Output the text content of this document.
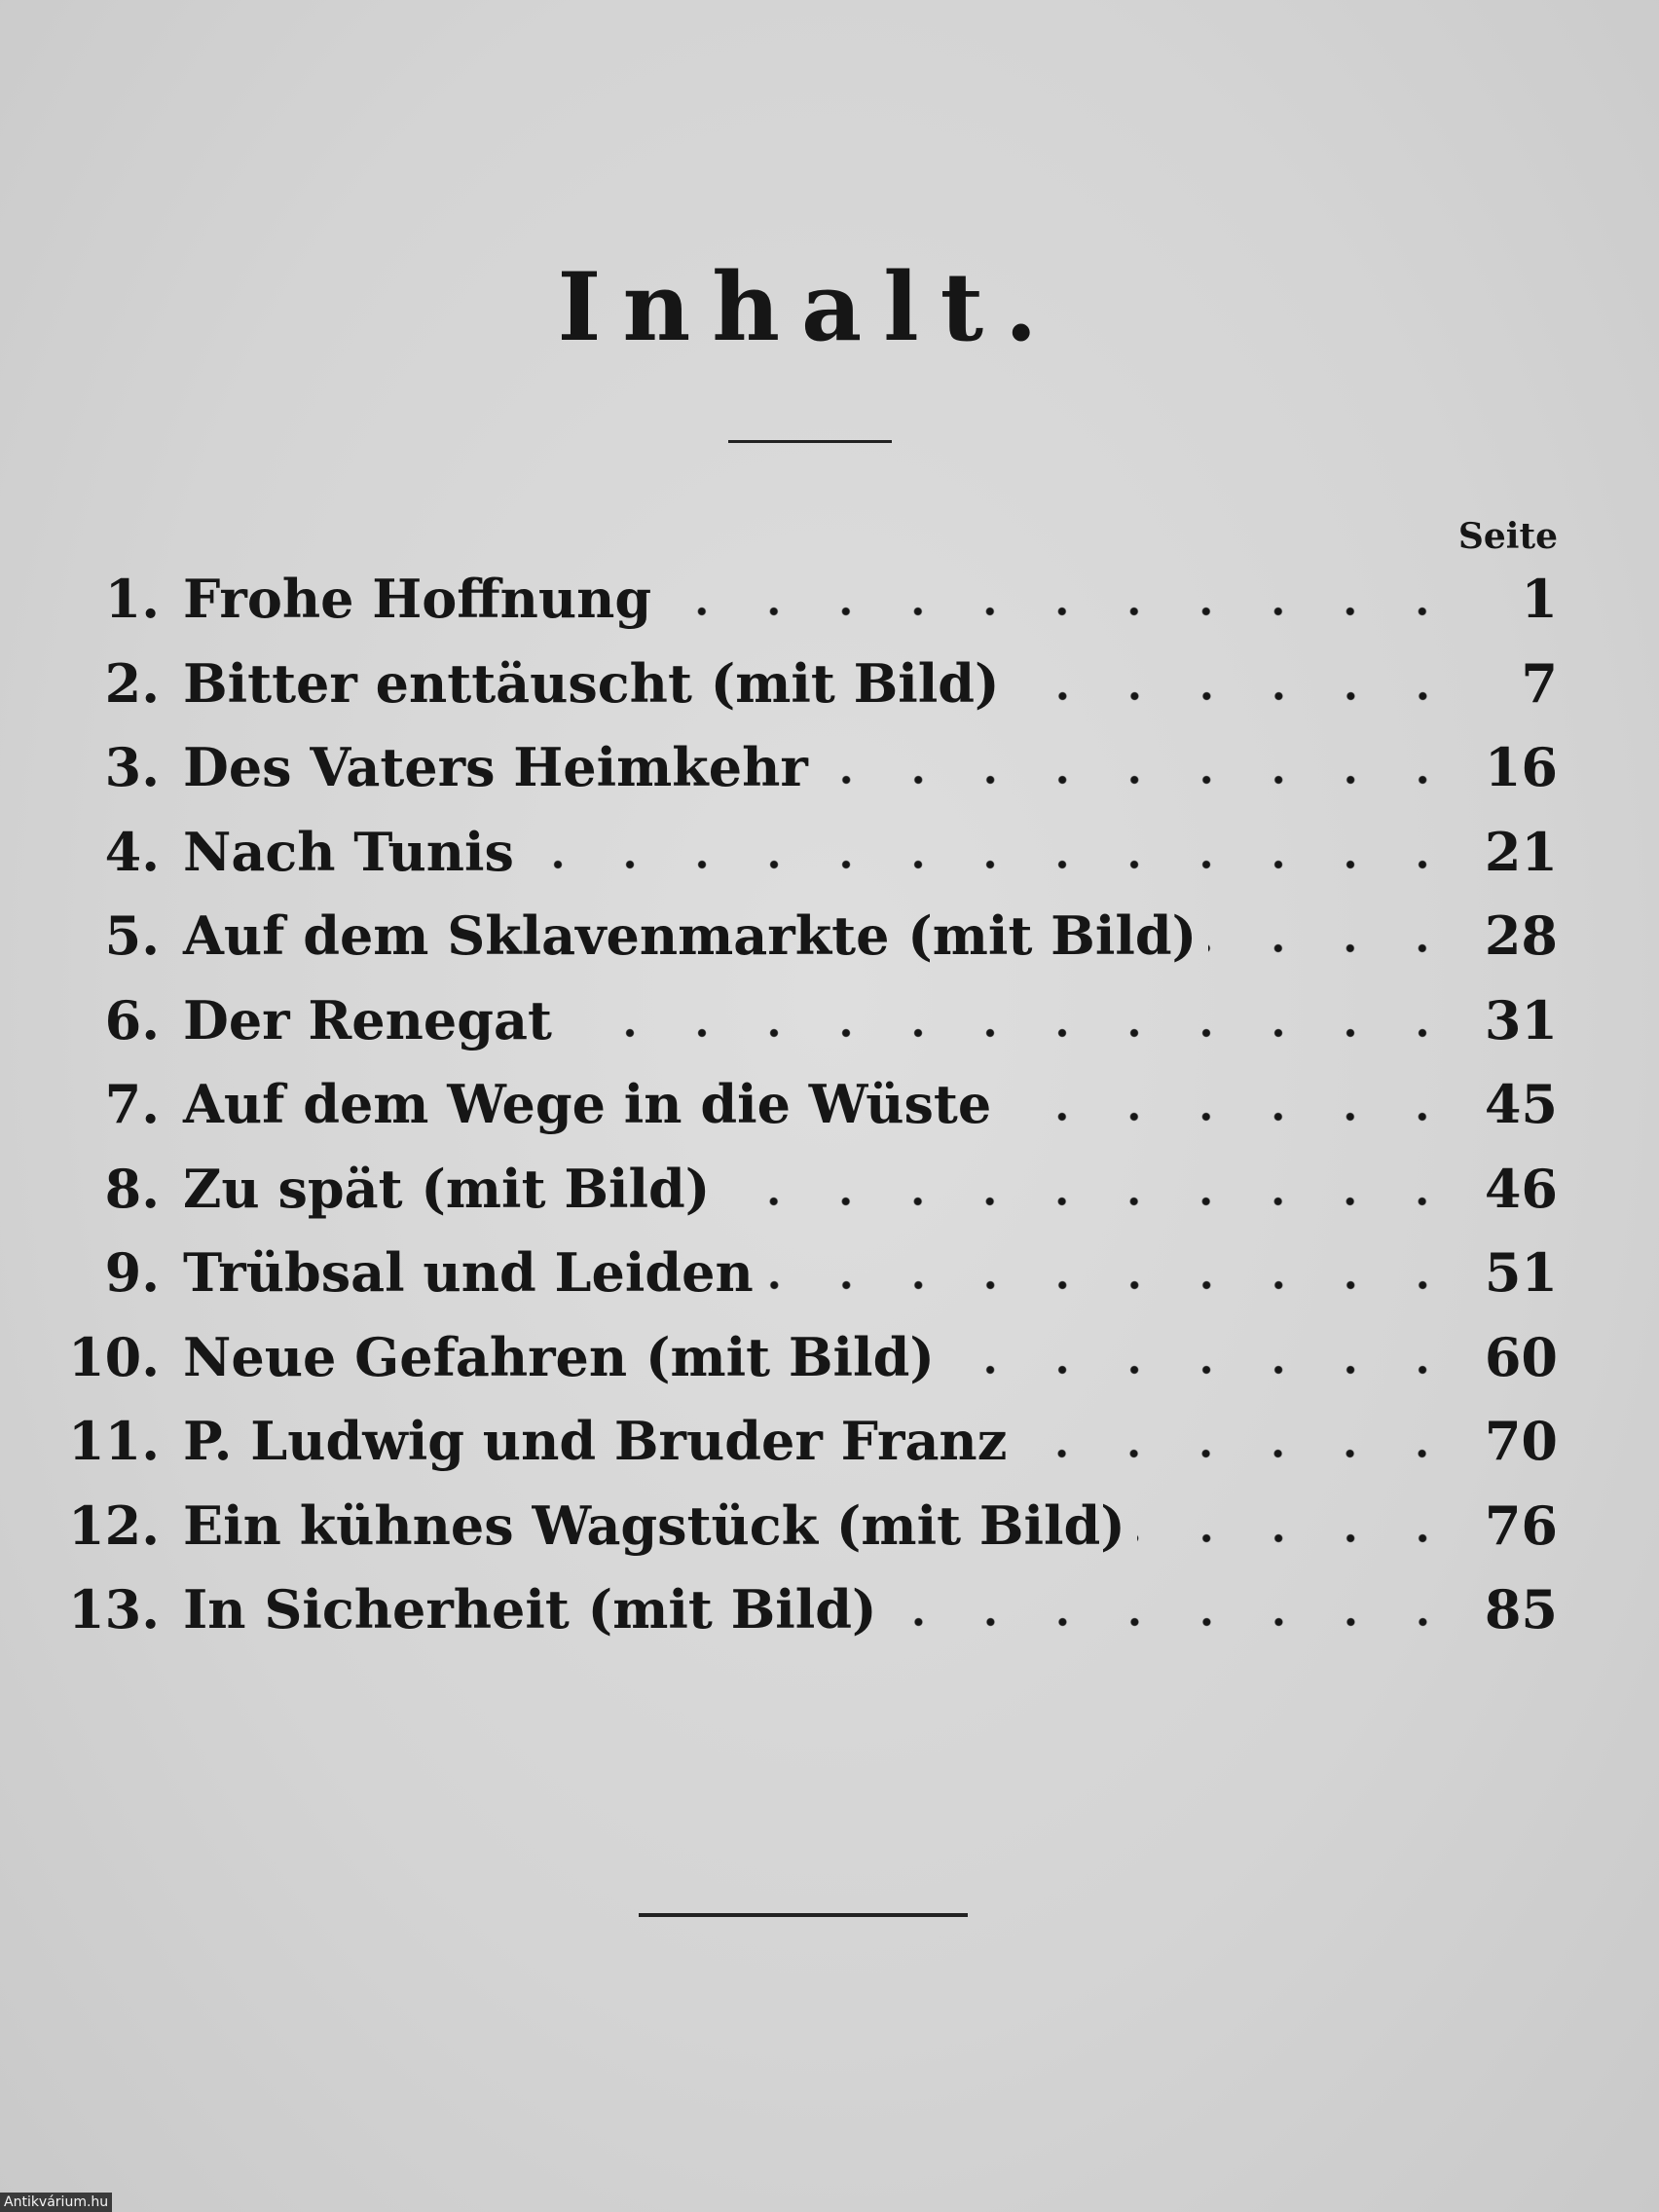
Inhalt.
Seite
1. Frohe Hoffnung	1
2. Bitter enttäuscht (mit Bild)	7
3. Des Vaters Heimkehr	16
4. Nach Tunis	21
5. Auf dem Sklavenmarkte (mit Bild)	28
6. Der Renegat	31
7. Auf dem Wege in die Wüste	45
8. Zu spät (mit Bild)	46
9. Trübsal und Leiden	51
10. Neue Gefahren (mit Bild)	60
11. P. Ludwig und Bruder Franz	70
12. Ein kühnes Wagstück (mit Bild)	76
13. In Sicherheit (mit Bild)	85
Antikvárium.hu
